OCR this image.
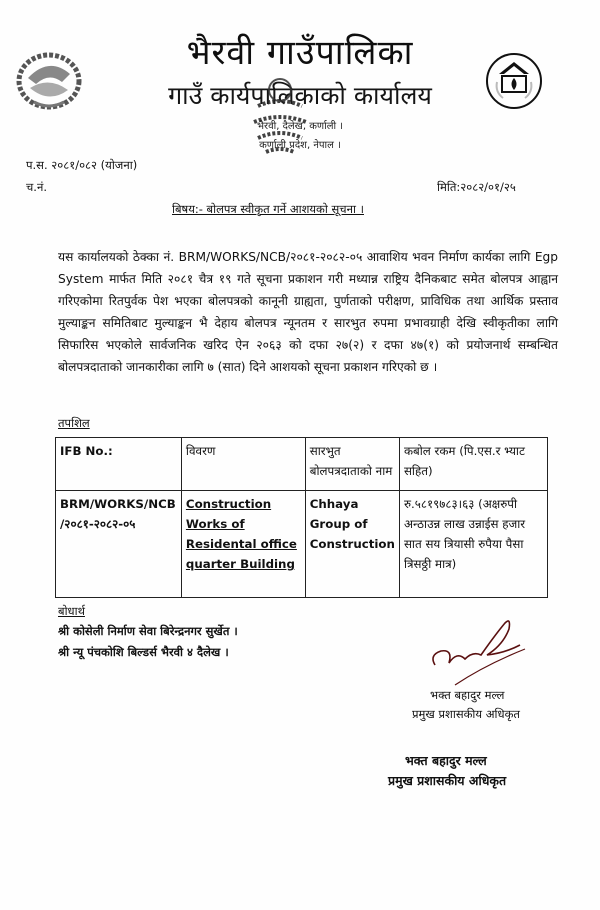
भैरवी गाउँपालिका
गाउँ कार्यपालिकाको कार्यालय
भैरवी, दैलेख, कर्णाली ।
कर्णाली प्रदेश, नेपाल ।
प.स. २०८१/०८२ (योजना)
च.नं.	मिति:२०८२/०१/२५
बिषय:- बोलपत्र स्वीकृत गर्ने आशयको सूचना ।
यस कार्यालयको ठेक्का नं. BRM/WORKS/NCB/२०८१-२०८२-०५ आवाशिय भवन निर्माण कार्यका लागि Egp System मार्फत मिति २०८१ चैत्र १९ गते सूचना प्रकाशन गरी मध्यान्न राष्ट्रिय दैनिकबाट समेत बोलपत्र आह्वान गरिएकोमा रितपुर्वक पेश भएका बोलपत्रको कानूनी ग्राह्यता, पुर्णताको परीक्षण, प्राविधिक तथा आर्थिक प्रस्ताव मुल्याङ्कन समितिबाट मुल्याङ्कन भै देहाय बोलपत्र न्यूनतम र सारभुत रुपमा प्रभावग्राही देखि स्वीकृतीका लागि सिफारिस भएकोले सार्वजनिक खरिद ऐन २०६३ को दफा २७(२) र दफा ४७(१) को प्रयोजनार्थ सम्बन्धित बोलपत्रदाताको जानकारीका लागि ७ (सात) दिने आशयको सूचना प्रकाशन गरिएको छ ।
तपशिल
IFB No.:	विवरण	सारभुत बोलपत्रदाताको नाम	कबोल रकम (पि.एस.र भ्याट सहित)
BRM/WORKS/NCB /२०८१-२०८२-०५	Construction Works of Residental office quarter Building	Chhaya Group of Construction	रु.५८१९७८३।६३ (अक्षरुपी अन्ठाउन्न लाख उन्नाईस हजार सात सय त्रियासी रुपैया पैसा त्रिसठ्ठी मात्र)
बोधार्थ
श्री कोसेली निर्माण सेवा बिरेन्द्रनगर सुर्खेत ।
श्री न्यू पंचकोशि बिल्डर्स भैरवी ४ दैलेख ।
भक्त बहादुर मल्ल
प्रमुख प्रशासकीय अधिकृत
भक्त बहादुर मल्ल
प्रमुख प्रशासकीय अधिकृत
